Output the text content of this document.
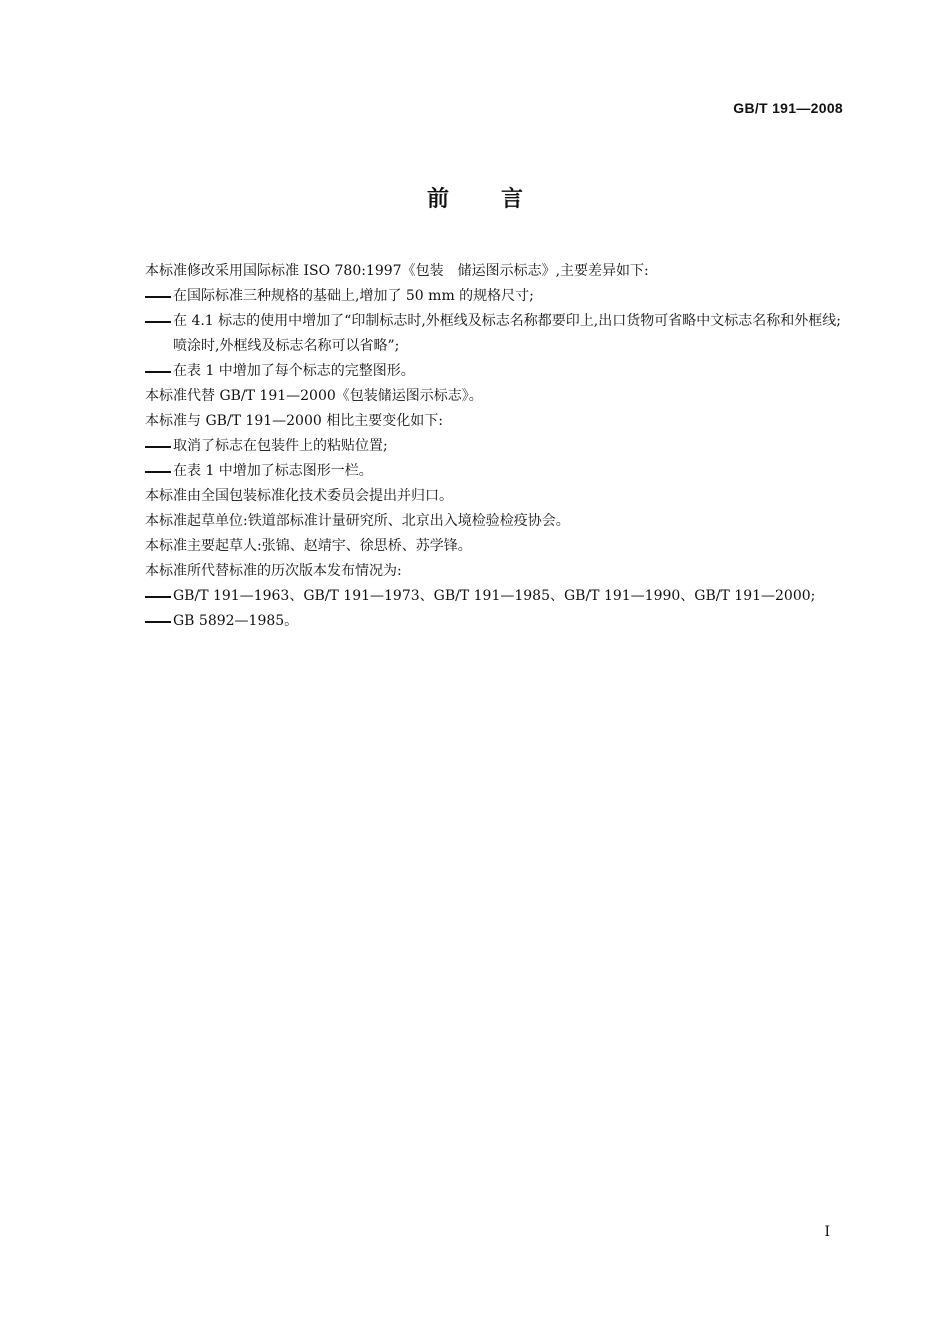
GB/T 191—2008
前 言

本标准修改采用国际标准 ISO 780:1997《包装　储运图示标志》,主要差异如下:

在国际标准三种规格的基础上,增加了 50 mm 的规格尺寸;
在 4.1 标志的使用中增加了“印制标志时,外框线及标志名称都要印上,出口货物可省略中文标志名称和外框线;喷涂时,外框线及标志名称可以省略”;
在表 1 中增加了每个标志的完整图形。

本标准代替 GB/T 191—2000《包装储运图示标志》。

本标准与 GB/T 191—2000 相比主要变化如下:

取消了标志在包装件上的粘贴位置;
在表 1 中增加了标志图形一栏。

本标准由全国包装标准化技术委员会提出并归口。

本标准起草单位:铁道部标准计量研究所、北京出入境检验检疫协会。

本标准主要起草人:张锦、赵靖宇、徐思桥、苏学锋。

本标准所代替标准的历次版本发布情况为:

GB/T 191—1963、GB/T 191—1973、GB/T 191—1985、GB/T 191—1990、GB/T 191—2000;
GB 5892—1985。
I
